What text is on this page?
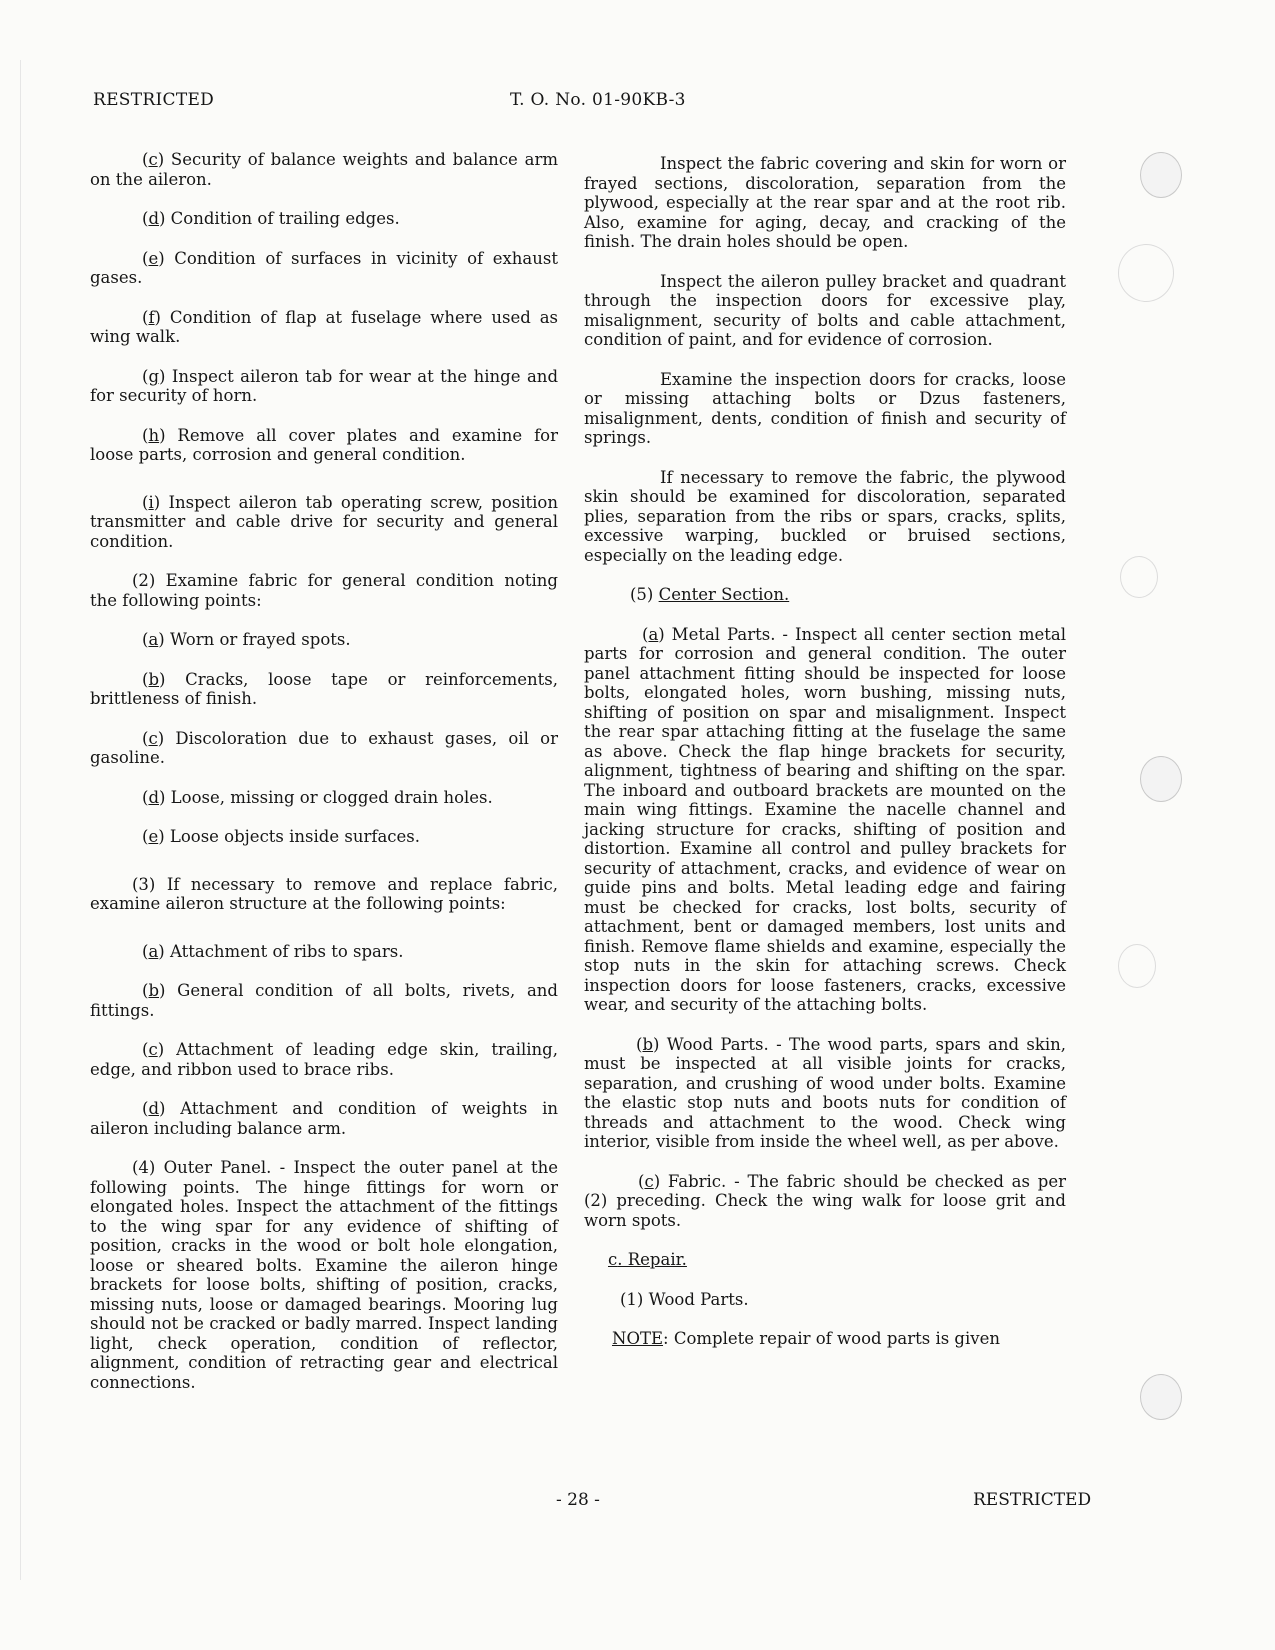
RESTRICTED	T. O. No. 01-90KB-3

(c) Security of balance weights and balance arm on the aileron.

(d) Condition of trailing edges.

(e) Condition of surfaces in vicinity of exhaust gases.

(f) Condition of flap at fuselage where used as wing walk.

(g) Inspect aileron tab for wear at the hinge and for security of horn.

(h) Remove all cover plates and examine for loose parts, corrosion and general condition.

(i) Inspect aileron tab operating screw, position transmitter and cable drive for security and general condition.

(2) Examine fabric for general condition noting the following points:

(a) Worn or frayed spots.

(b) Cracks, loose tape or reinforcements, brittleness of finish.

(c) Discoloration due to exhaust gases, oil or gasoline.

(d) Loose, missing or clogged drain holes.

(e) Loose objects inside surfaces.

(3) If necessary to remove and replace fabric, examine aileron structure at the following points:

(a) Attachment of ribs to spars.

(b) General condition of all bolts, rivets, and fittings.

(c) Attachment of leading edge skin, trailing, edge, and ribbon used to brace ribs.

(d) Attachment and condition of weights in aileron including balance arm.

(4) Outer Panel. - Inspect the outer panel at the following points. The hinge fittings for worn or elongated holes. Inspect the attachment of the fittings to the wing spar for any evidence of shifting of position, cracks in the wood or bolt hole elongation, loose or sheared bolts. Examine the aileron hinge brackets for loose bolts, shifting of position, cracks, missing nuts, loose or damaged bearings. Mooring lug should not be cracked or badly marred. Inspect landing light, check operation, condition of reflector, alignment, condition of retracting gear and electrical connections.

Inspect the fabric covering and skin for worn or frayed sections, discoloration, separation from the plywood, especially at the rear spar and at the root rib. Also, examine for aging, decay, and cracking of the finish. The drain holes should be open.

Inspect the aileron pulley bracket and quadrant through the inspection doors for excessive play, misalignment, security of bolts and cable attachment, condition of paint, and for evidence of corrosion.

Examine the inspection doors for cracks, loose or missing attaching bolts or Dzus fasteners, misalignment, dents, condition of finish and security of springs.

If necessary to remove the fabric, the plywood skin should be examined for discoloration, separated plies, separation from the ribs or spars, cracks, splits, excessive warping, buckled or bruised sections, especially on the leading edge.

(5) Center Section.

(a) Metal Parts. - Inspect all center section metal parts for corrosion and general condition. The outer panel attachment fitting should be inspected for loose bolts, elongated holes, worn bushing, missing nuts, shifting of position on spar and misalignment. Inspect the rear spar attaching fitting at the fuselage the same as above. Check the flap hinge brackets for security, alignment, tightness of bearing and shifting on the spar. The inboard and outboard brackets are mounted on the main wing fittings. Examine the nacelle channel and jacking structure for cracks, shifting of position and distortion. Examine all control and pulley brackets for security of attachment, cracks, and evidence of wear on guide pins and bolts. Metal leading edge and fairing must be checked for cracks, lost bolts, security of attachment, bent or damaged members, lost units and finish. Remove flame shields and examine, especially the stop nuts in the skin for attaching screws. Check inspection doors for loose fasteners, cracks, excessive wear, and security of the attaching bolts.

(b) Wood Parts. - The wood parts, spars and skin, must be inspected at all visible joints for cracks, separation, and crushing of wood under bolts. Examine the elastic stop nuts and boots nuts for condition of threads and attachment to the wood. Check wing interior, visible from inside the wheel well, as per above.

(c) Fabric. - The fabric should be checked as per (2) preceding. Check the wing walk for loose grit and worn spots.

c. Repair.

(1) Wood Parts.

NOTE: Complete repair of wood parts is given

- 28 -	RESTRICTED
